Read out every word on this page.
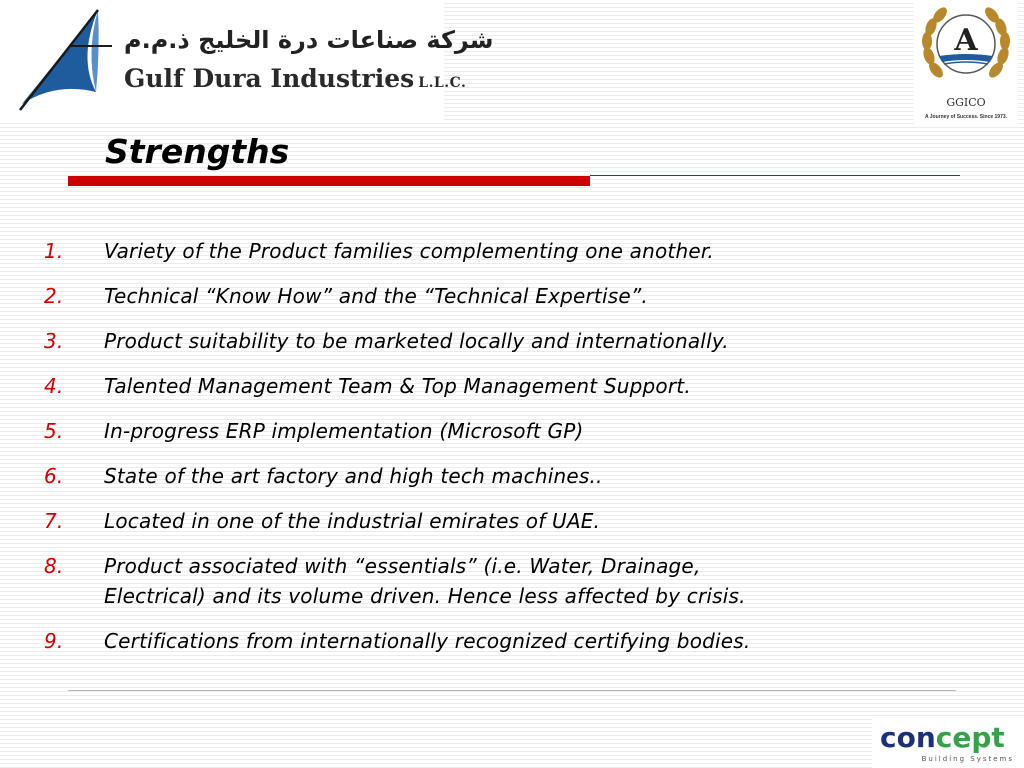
شركة صناعات درة الخليج ذ.م.م
Gulf Dura Industries L.L.C.
A
GGICO
A Journey of Success. Since 1973.
Strengths
1. Variety of the Product families complementing one another.
2. Technical “Know How” and the “Technical Expertise”.
3. Product suitability to be marketed locally and internationally.
4. Talented Management Team & Top Management Support.
5. In-progress ERP implementation (Microsoft GP)
6. State of the art factory and high tech machines..
7. Located in one of the industrial emirates of UAE.
8. Product associated with “essentials” (i.e. Water, Drainage,
Electrical) and its volume driven. Hence less affected by crisis.
9. Certifications from internationally recognized certifying bodies.
concept
Building Systems
